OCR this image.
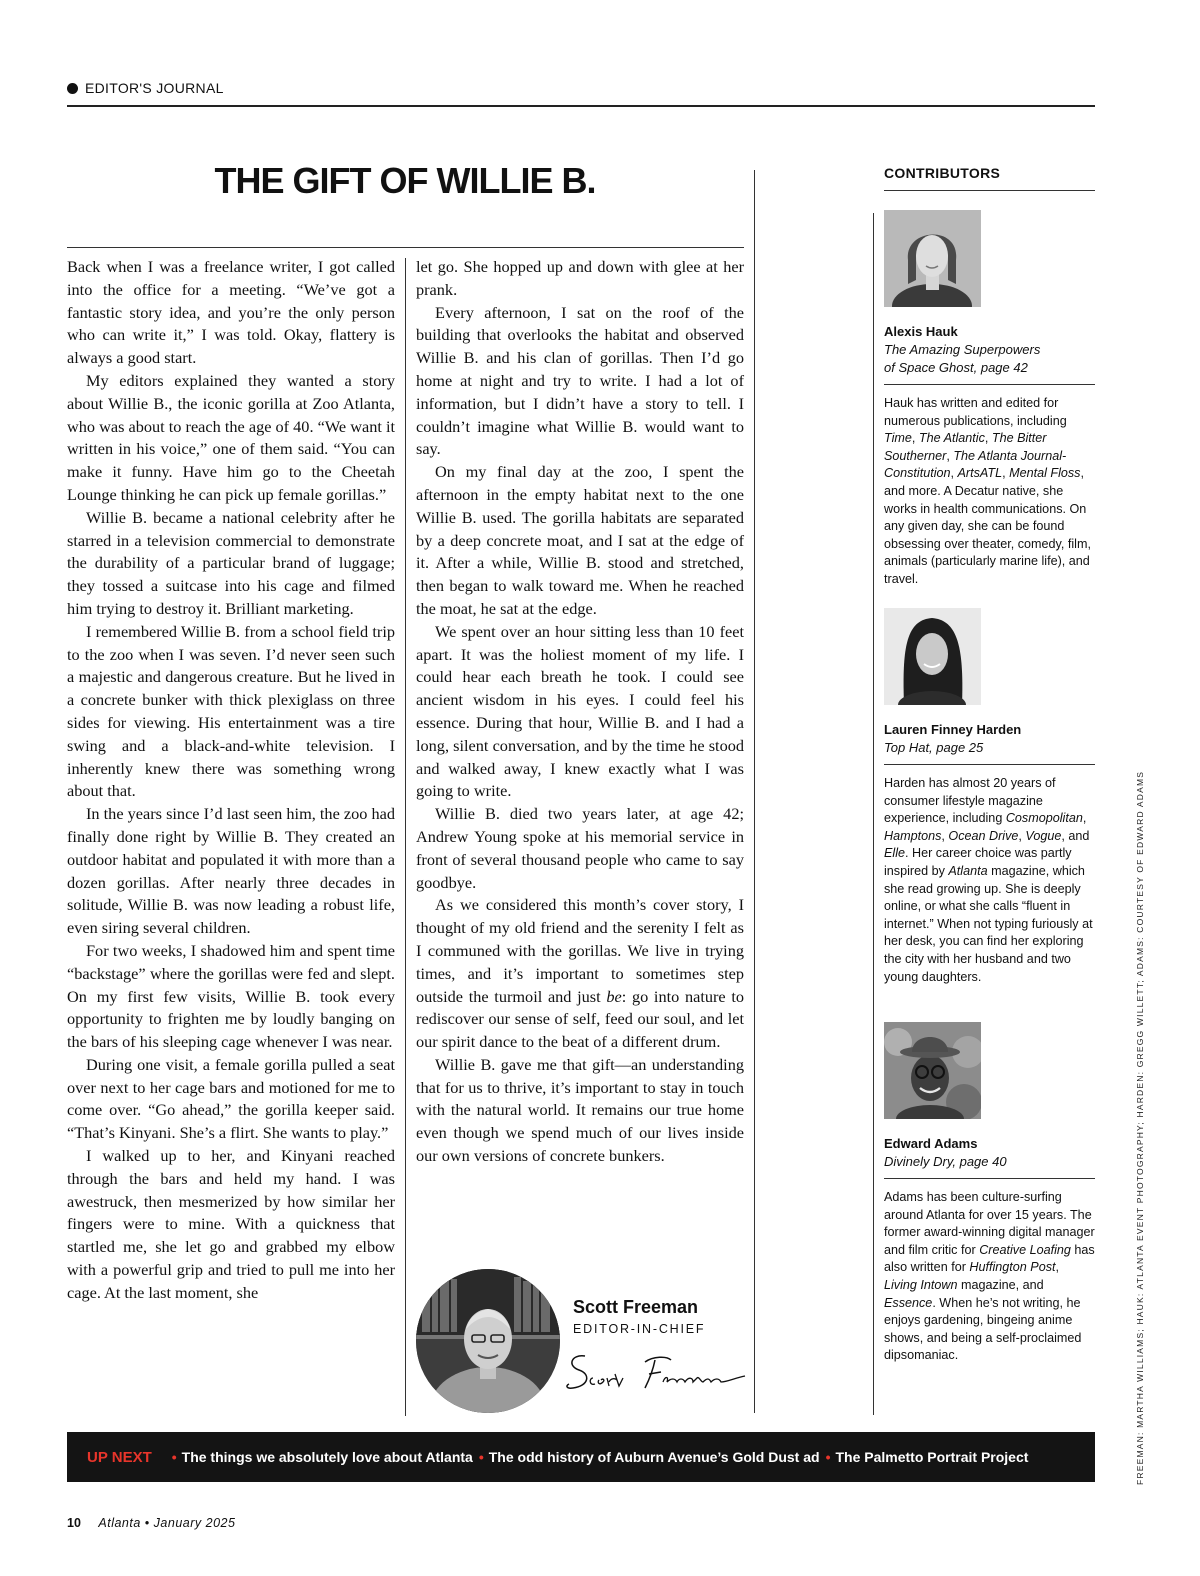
EDITOR'S JOURNAL
THE GIFT OF WILLIE B.

Back when I was a freelance writer, I got called into the office for a meeting. “We’ve got a fantastic story idea, and you’re the only person who can write it,” I was told. Okay, flattery is always a good start.

My editors explained they wanted a story about Willie B., the iconic gorilla at Zoo Atlanta, who was about to reach the age of 40. “We want it written in his voice,” one of them said. “You can make it funny. Have him go to the Cheetah Lounge thinking he can pick up female gorillas.”

Willie B. became a national celebrity after he starred in a television commercial to demonstrate the durability of a particular brand of luggage; they tossed a suitcase into his cage and filmed him trying to destroy it. Brilliant marketing.

I remembered Willie B. from a school field trip to the zoo when I was seven. I’d never seen such a majestic and dangerous creature. But he lived in a concrete bunker with thick plexiglass on three sides for viewing. His entertainment was a tire swing and a black-and-white television. I inherently knew there was something wrong about that.

In the years since I’d last seen him, the zoo had finally done right by Willie B. They created an outdoor habitat and populated it with more than a dozen gorillas. After nearly three decades in solitude, Willie B. was now leading a robust life, even siring several children.

For two weeks, I shadowed him and spent time “backstage” where the gorillas were fed and slept. On my first few visits, Willie B. took every opportunity to frighten me by loudly banging on the bars of his sleeping cage whenever I was near.

During one visit, a female gorilla pulled a seat over next to her cage bars and motioned for me to come over. “Go ahead,” the gorilla keeper said. “That’s Kinyani. She’s a flirt. She wants to play.”

I walked up to her, and Kinyani reached through the bars and held my hand. I was awestruck, then mesmerized by how similar her fingers were to mine. With a quickness that startled me, she let go and grabbed my elbow with a powerful grip and tried to pull me into her cage. At the last moment, she

let go. She hopped up and down with glee at her prank.

Every afternoon, I sat on the roof of the building that overlooks the habitat and observed Willie B. and his clan of gorillas. Then I’d go home at night and try to write. I had a lot of information, but I didn’t have a story to tell. I couldn’t imagine what Willie B. would want to say.

On my final day at the zoo, I spent the afternoon in the empty habitat next to the one Willie B. used. The gorilla habitats are separated by a deep concrete moat, and I sat at the edge of it. After a while, Willie B. stood and stretched, then began to walk toward me. When he reached the moat, he sat at the edge.

We spent over an hour sitting less than 10 feet apart. It was the holiest moment of my life. I could hear each breath he took. I could see ancient wisdom in his eyes. I could feel his essence. During that hour, Willie B. and I had a long, silent conversation, and by the time he stood and walked away, I knew exactly what I was going to write.

Willie B. died two years later, at age 42; Andrew Young spoke at his memorial service in front of several thousand people who came to say goodbye.

As we considered this month’s cover story, I thought of my old friend and the serenity I felt as I communed with the gorillas. We live in trying times, and it’s important to sometimes step outside the turmoil and just be: go into nature to rediscover our sense of self, feed our soul, and let our spirit dance to the beat of a different drum.

Willie B. gave me that gift—an understanding that for us to thrive, it’s important to stay in touch with the natural world. It remains our true home even though we spend much of our lives inside our own versions of concrete bunkers.

Scott Freeman
EDITOR-IN-CHIEF
CONTRIBUTORS
Alexis Hauk
The Amazing Superpowers
of Space Ghost, page 42
Hauk has written and edited for numerous publications, including Time, The Atlantic, The Bitter Southerner, The Atlanta Journal-Constitution, ArtsATL, Mental Floss, and more. A Decatur native, she works in health communications. On any given day, she can be found obsessing over theater, comedy, film, animals (particularly marine life), and travel.
Lauren Finney Harden
Top Hat, page 25
Harden has almost 20 years of consumer lifestyle magazine experience, including Cosmopolitan, Hamptons, Ocean Drive, Vogue, and Elle. Her career choice was partly inspired by Atlanta magazine, which she read growing up. She is deeply online, or what she calls “fluent in internet.” When not typing furiously at her desk, you can find her exploring the city with her husband and two young daughters.
Edward Adams
Divinely Dry, page 40
Adams has been culture-surfing around Atlanta for over 15 years. The former award-winning digital manager and film critic for Creative Loafing has also written for Huffington Post, Living Intown magazine, and Essence. When he’s not writing, he enjoys gardening, bingeing anime shows, and being a self-proclaimed dipsomaniac.	FREEMAN: MARTHA WILLIAMS; HAUK: ATLANTA EVENT PHOTOGRAPHY; HARDEN: GREGG WILLETT; ADAMS: COURTESY OF EDWARD ADAMS
UP NEXT • The things we absolutely love about Atlanta • The odd history of Auburn Avenue’s Gold Dust ad • The Palmetto Portrait Project
10 Atlanta • January 2025
